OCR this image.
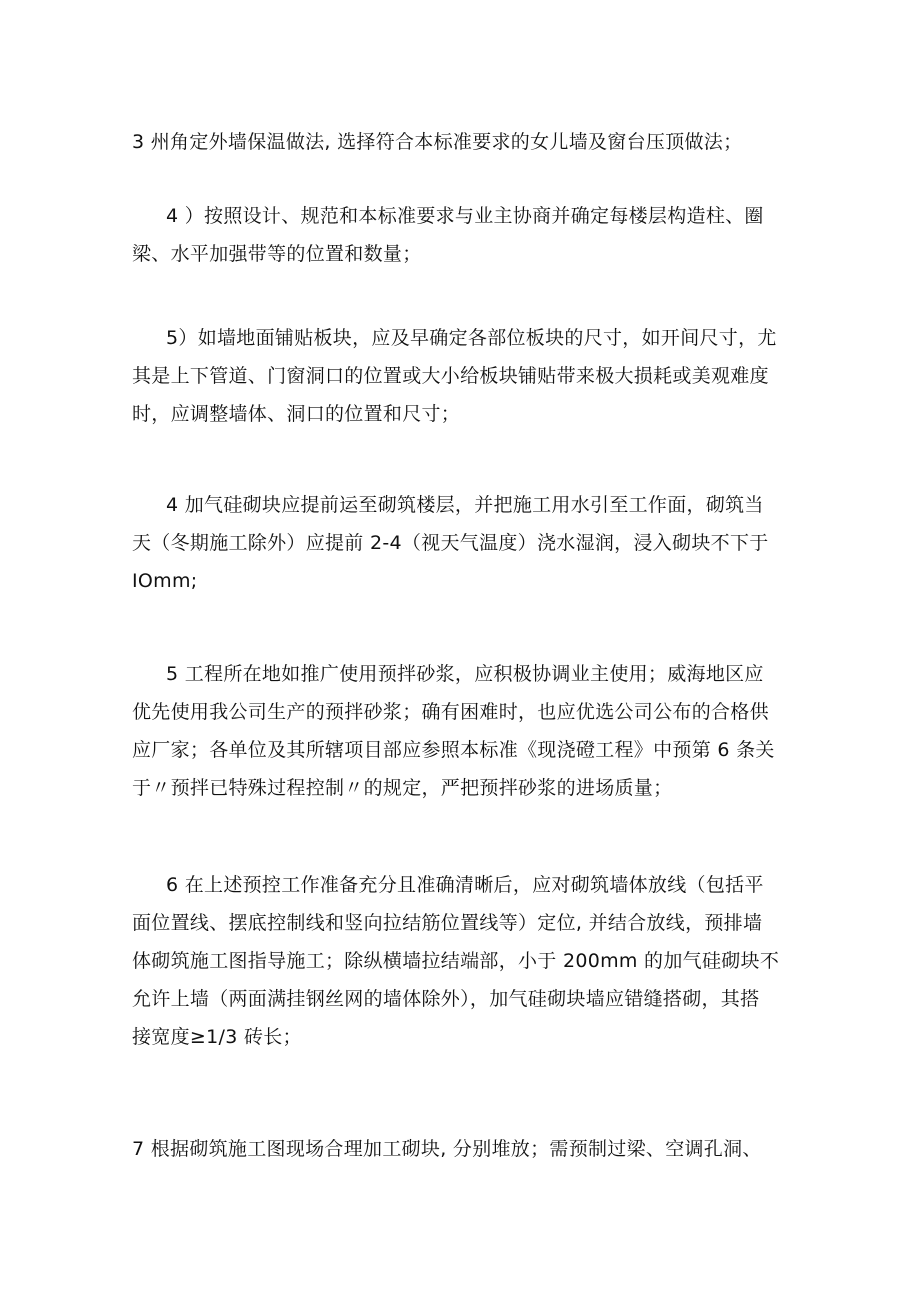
3 州角定外墙保温做法, 选择符合本标准要求的女儿墙及窗台压顶做法；
4 ）按照设计、规范和本标准要求与业主协商并确定每楼层构造柱、圈
梁、水平加强带等的位置和数量；
5）如墙地面铺贴板块，应及早确定各部位板块的尺寸，如开间尺寸，尤
其是上下管道、门窗洞口的位置或大小给板块铺贴带来极大损耗或美观难度
时，应调整墙体、洞口的位置和尺寸；
4 加气硅砌块应提前运至砌筑楼层，并把施工用水引至工作面，砌筑当
天（冬期施工除外）应提前 2-4（视天气温度）浇水湿润，浸入砌块不下于
IOmm;
5 工程所在地如推广使用预拌砂浆，应积极协调业主使用；威海地区应
优先使用我公司生产的预拌砂浆；确有困难时，也应优选公司公布的合格供
应厂家；各单位及其所辖项目部应参照本标准《现浇磴工程》中预第 6 条关
于〃预拌已特殊过程控制〃的规定，严把预拌砂浆的进场质量；
6 在上述预控工作准备充分且准确清晰后，应对砌筑墙体放线（包括平
面位置线、摆底控制线和竖向拉结筋位置线等）定位, 并结合放线，预排墙
体砌筑施工图指导施工；除纵横墙拉结端部，小于 200mm 的加气硅砌块不
允许上墙（两面满挂钢丝网的墙体除外），加气硅砌块墙应错缝搭砌，其搭
接宽度≥1/3 砖长；
7 根据砌筑施工图现场合理加工砌块, 分别堆放；需预制过梁、空调孔洞、
